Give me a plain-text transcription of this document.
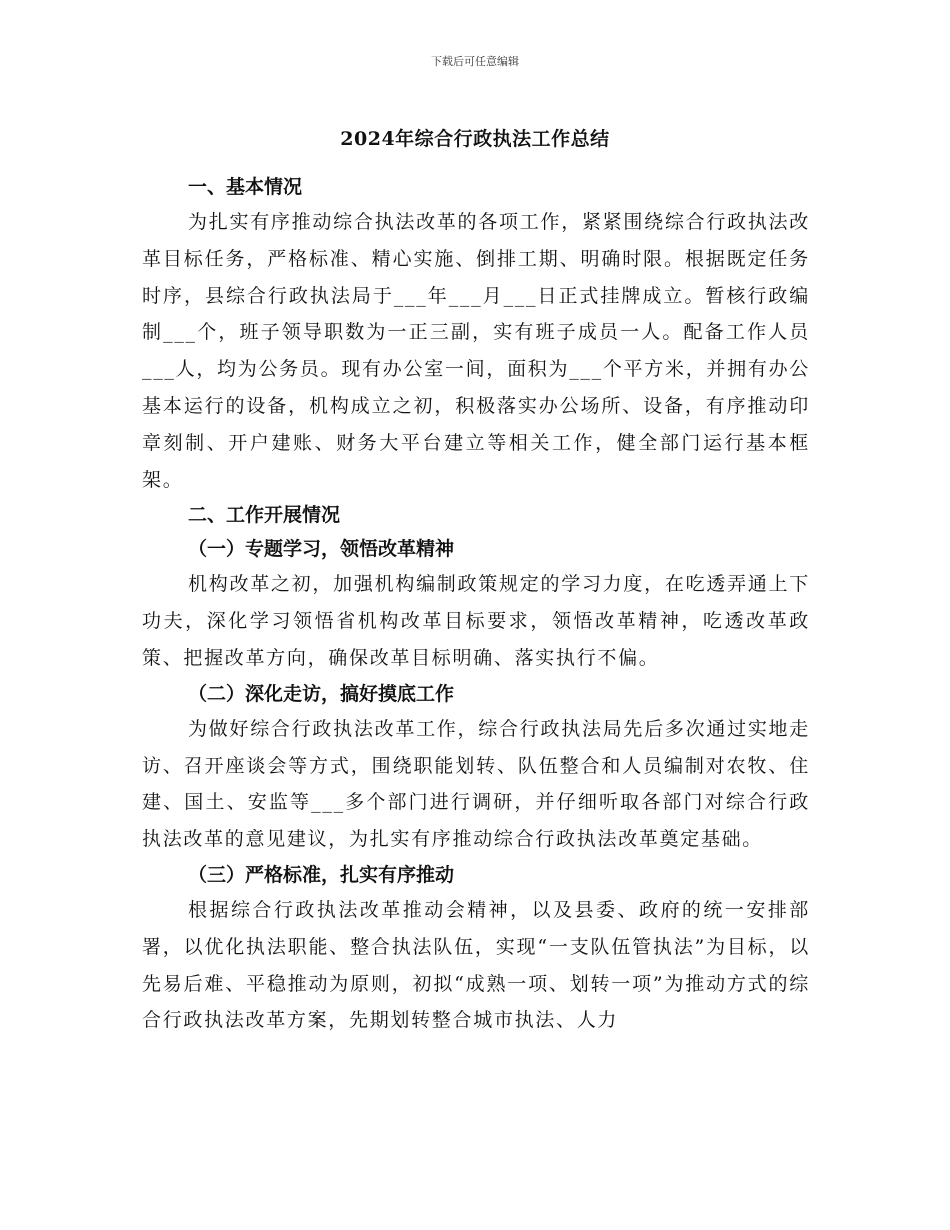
下载后可任意编辑
2024年综合行政执法工作总结
一、基本情况

为扎实有序推动综合执法改革的各项工作，紧紧围绕综合行政执法改革目标任务，严格标准、精心实施、倒排工期、明确时限。根据既定任务时序，县综合行政执法局于___年___月___日正式挂牌成立。暂核行政编制___个，班子领导职数为一正三副，实有班子成员一人。配备工作人员___人，均为公务员。现有办公室一间，面积为___个平方米，并拥有办公基本运行的设备，机构成立之初，积极落实办公场所、设备，有序推动印章刻制、开户建账、财务大平台建立等相关工作，健全部门运行基本框架。

二、工作开展情况
（一）专题学习，领悟改革精神

机构改革之初，加强机构编制政策规定的学习力度，在吃透弄通上下功夫，深化学习领悟省机构改革目标要求，领悟改革精神，吃透改革政策、把握改革方向，确保改革目标明确、落实执行不偏。

（二）深化走访，搞好摸底工作

为做好综合行政执法改革工作，综合行政执法局先后多次通过实地走访、召开座谈会等方式，围绕职能划转、队伍整合和人员编制对农牧、住建、国土、安监等___多个部门进行调研，并仔细听取各部门对综合行政执法改革的意见建议，为扎实有序推动综合行政执法改革奠定基础。

（三）严格标准，扎实有序推动

根据综合行政执法改革推动会精神，以及县委、政府的统一安排部署，以优化执法职能、整合执法队伍，实现“一支队伍管执法”为目标，以先易后难、平稳推动为原则，初拟“成熟一项、划转一项”为推动方式的综合行政执法改革方案，先期划转整合城市执法、人力
